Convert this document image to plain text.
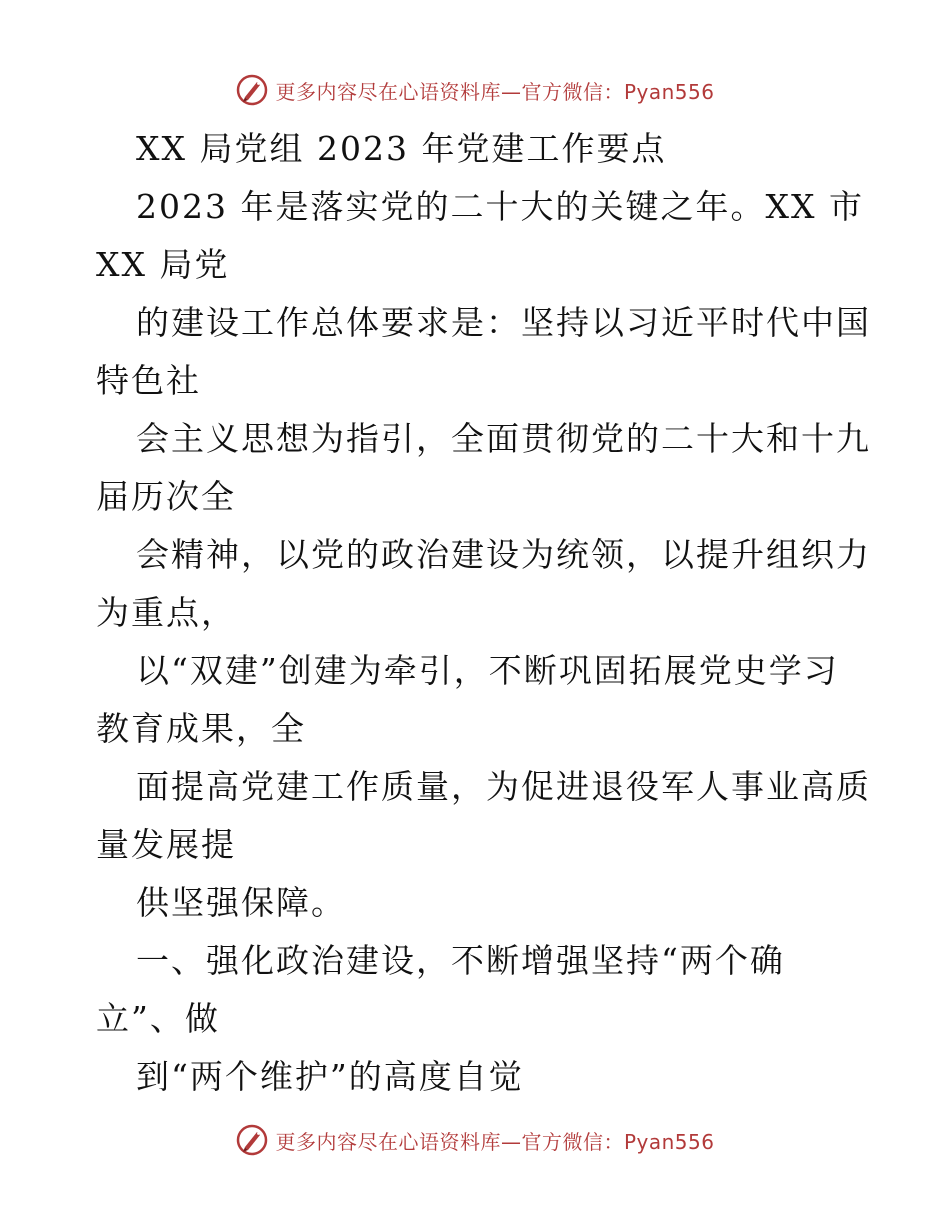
更多内容尽在心语资料库—官方微信：Pyan556
XX 局党组 2023 年党建工作要点
2023 年是落实党的二十大的关键之年。XX 市
XX 局党
的建设工作总体要求是：坚持以习近平时代中国
特色社
会主义思想为指引，全面贯彻党的二十大和十九
届历次全
会精神，以党的政治建设为统领，以提升组织力
为重点，
以“双建”创建为牵引，不断巩固拓展党史学习
教育成果，全
面提高党建工作质量，为促进退役军人事业高质
量发展提
供坚强保障。
一、强化政治建设，不断增强坚持“两个确
立”、做
到“两个维护”的高度自觉
更多内容尽在心语资料库—官方微信：Pyan556
